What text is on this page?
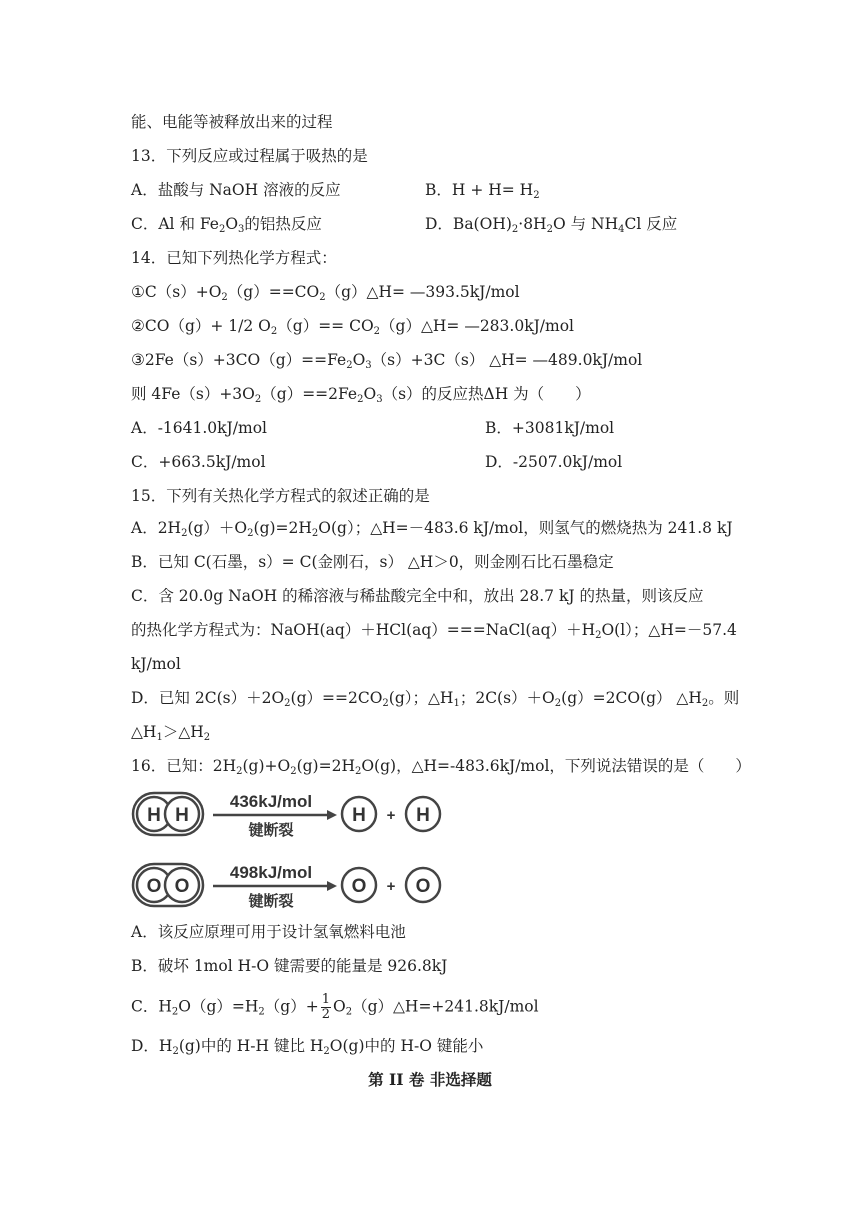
能、电能等被释放出来的过程
13．下列反应或过程属于吸热的是
A．盐酸与 NaOH 溶液的反应	B．$H + H= H_2$
C．Al 和 $Fe_2O_3$的铝热反应	D．$Ba(OH)_2\cdot 8H_2O$ 与 $NH_4Cl$ 反应
14．已知下列热化学方程式：
$①C(s)+O_2(g)==CO_2(g)\triangle H=$ —393.5kJ/mol
②CO（g）+ 1/2 $O_2(g)==$ $CO_2(g)\triangle H=$ —283.0kJ/mol
$③2Fe(s)+3CO(g)==Fe_2O_3(s)+3C(s)$ △H= —489.0kJ/mol
则 $4Fe(s)+3O_2(g)==2Fe_2O_3(s)$的反应热ΔH 为（　　）
A．-1641.0kJ/mol	B．+3081kJ/mol
C．+663.5kJ/mol	D．-2507.0kJ/mol
15．下列有关热化学方程式的叙述正确的是
A．$2H_2(g)+O_2(g)=2H_2O(g)$；△H=－483.6 kJ/mol，则氢气的燃烧热为 241.8 kJ
B．已知 C(石墨，s）= C(金刚石，s） △H＞0，则金刚石比石墨稳定
C．含 20.0g NaOH 的稀溶液与稀盐酸完全中和，放出 28.7 kJ 的热量，则该反应
的热化学方程式为：$NaOH(aq)+HCl(aq)===NaCl(aq)+H_2O(l)$；△H=－57.4
kJ/mol
D．已知 $2C(s)+2O_2(g)==2CO_2(g)$；$\triangle H_1$；$2C(s)+O_2(g)=2CO(g)$ $\triangle H_2$。则
$\triangle H_1>\triangle H_2$
16．已知：$2H_2(g)+O_2(g)=2H_2O(g)$，△H=-483.6kJ/mol，下列说法错误的是（　　）
H H
436kJ/mol
键断裂
H + H
O O
498kJ/mol
键断裂
O + O
A．该反应原理可用于设计氢氧燃料电池
B．破坏 1mol H-O 键需要的能量是 926.8kJ
C．$H_2O(g)=H_2(g)+ \frac{1}{2}$ $O_2(g)\triangle H=+241.8kJ$/mol
D．$H_2(g)$中的 H-H 键比 $H_2O(g)$中的 H-O 键能小
第 II 卷 非选择题
